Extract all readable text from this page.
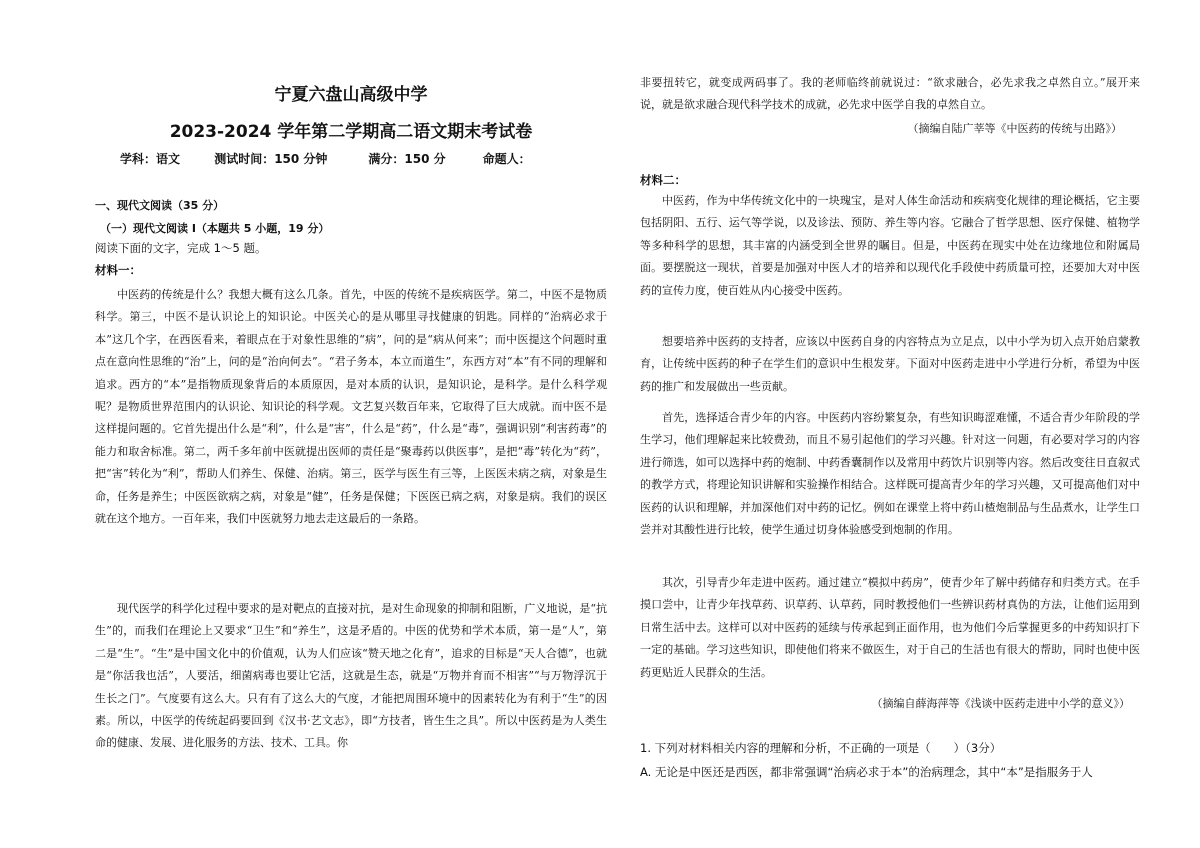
宁夏六盘山高级中学
2023-2024 学年第二学期高二语文期末考试卷
学科：语文	测试时间：150 分钟	满分：150 分	命题人：
一、现代文阅读（35 分）
（一）现代文阅读 I（本题共 5 小题，19 分）
阅读下面的文字，完成 1～5 题。
材料一：

中医药的传统是什么？我想大概有这么几条。首先，中医的传统不是疾病医学。第二，中医不是物质科学。第三，中医不是认识论上的知识论。中医关心的是从哪里寻找健康的钥匙。同样的“治病必求于本”这几个字，在西医看来，着眼点在于对象性思维的“病”，问的是“病从何来”；而中医提这个问题时重点在意向性思维的“治”上，问的是“治向何去”。“君子务本，本立而道生”，东西方对“本”有不同的理解和追求。西方的“本”是指物质现象背后的本质原因，是对本质的认识，是知识论，是科学。是什么科学观呢？是物质世界范围内的认识论、知识论的科学观。文艺复兴数百年来，它取得了巨大成就。而中医不是这样提问题的。它首先提出什么是“利”，什么是“害”，什么是“药”，什么是“毒”，强调识别“利害药毒”的能力和取舍标准。第二，两千多年前中医就提出医师的责任是“聚毒药以供医事”，是把“毒”转化为“药”，把“害”转化为“利”，帮助人们养生、保健、治病。第三，医学与医生有三等，上医医未病之病，对象是生命，任务是养生；中医医欲病之病，对象是“健”，任务是保健；下医医已病之病，对象是病。我们的误区就在这个地方。一百年来，我们中医就努力地去走这最后的一条路。

现代医学的科学化过程中要求的是对靶点的直接对抗，是对生命现象的抑制和阻断，广义地说，是“抗生”的，而我们在理论上又要求“卫生”和“养生”，这是矛盾的。中医的优势和学术本质，第一是“人”，第二是“生”。“生”是中国文化中的价值观，认为人们应该“赞天地之化育”，追求的目标是“天人合德”，也就是“你活我也活”，人要活，细菌病毒也要让它活，这就是生态，就是“万物并育而不相害”“与万物浮沉于生长之门”。气度要有这么大。只有有了这么大的气度，才能把周围环境中的因素转化为有利于“生”的因素。所以，中医学的传统起码要回到《汉书·艺文志》，即“方技者，皆生生之具”。所以中医药是为人类生命的健康、发展、进化服务的方法、技术、工具。你

非要扭转它，就变成两码事了。我的老师临终前就说过：“欲求融合，必先求我之卓然自立。”展开来说，就是欲求融合现代科学技术的成就，必先求中医学自我的卓然自立。

（摘编自陆广莘等《中医药的传统与出路》）
材料二：

中医药，作为中华传统文化中的一块瑰宝，是对人体生命活动和疾病变化规律的理论概括，它主要包括阴阳、五行、运气等学说，以及诊法、预防、养生等内容。它融合了哲学思想、医疗保健、植物学等多种科学的思想，其丰富的内涵受到全世界的瞩目。但是，中医药在现实中处在边缘地位和附属局面。要摆脱这一现状，首要是加强对中医人才的培养和以现代化手段使中药质量可控，还要加大对中医药的宣传力度，使百姓从内心接受中医药。

想要培养中医药的支持者，应该以中医药自身的内容特点为立足点，以中小学为切入点开始启蒙教育，让传统中医药的种子在学生们的意识中生根发芽。下面对中医药走进中小学进行分析，希望为中医药的推广和发展做出一些贡献。

首先，选择适合青少年的内容。中医药内容纷繁复杂，有些知识晦涩难懂，不适合青少年阶段的学生学习，他们理解起来比较费劲，而且不易引起他们的学习兴趣。针对这一问题，有必要对学习的内容进行筛选，如可以选择中药的炮制、中药香囊制作以及常用中药饮片识别等内容。然后改变往日直叙式的教学方式，将理论知识讲解和实验操作相结合。这样既可提高青少年的学习兴趣，又可提高他们对中医药的认识和理解，并加深他们对中药的记忆。例如在课堂上将中药山楂炮制品与生品煮水，让学生口尝并对其酸性进行比较，使学生通过切身体验感受到炮制的作用。

其次，引导青少年走进中医药。通过建立“模拟中药房”，使青少年了解中药储存和归类方式。在手摸口尝中，让青少年找草药、识草药、认草药，同时教授他们一些辨识药材真伪的方法，让他们运用到日常生活中去。这样可以对中医药的延续与传承起到正面作用，也为他们今后掌握更多的中药知识打下一定的基础。学习这些知识，即使他们将来不做医生，对于自己的生活也有很大的帮助，同时也使中医药更贴近人民群众的生活。

（摘编自薛海萍等《浅谈中医药走进中小学的意义》）
1. 下列对材料相关内容的理解和分析，不正确的一项是（　　）（3分）
A. 无论是中医还是西医，都非常强调“治病必求于本”的治病理念，其中“本”是指服务于人
